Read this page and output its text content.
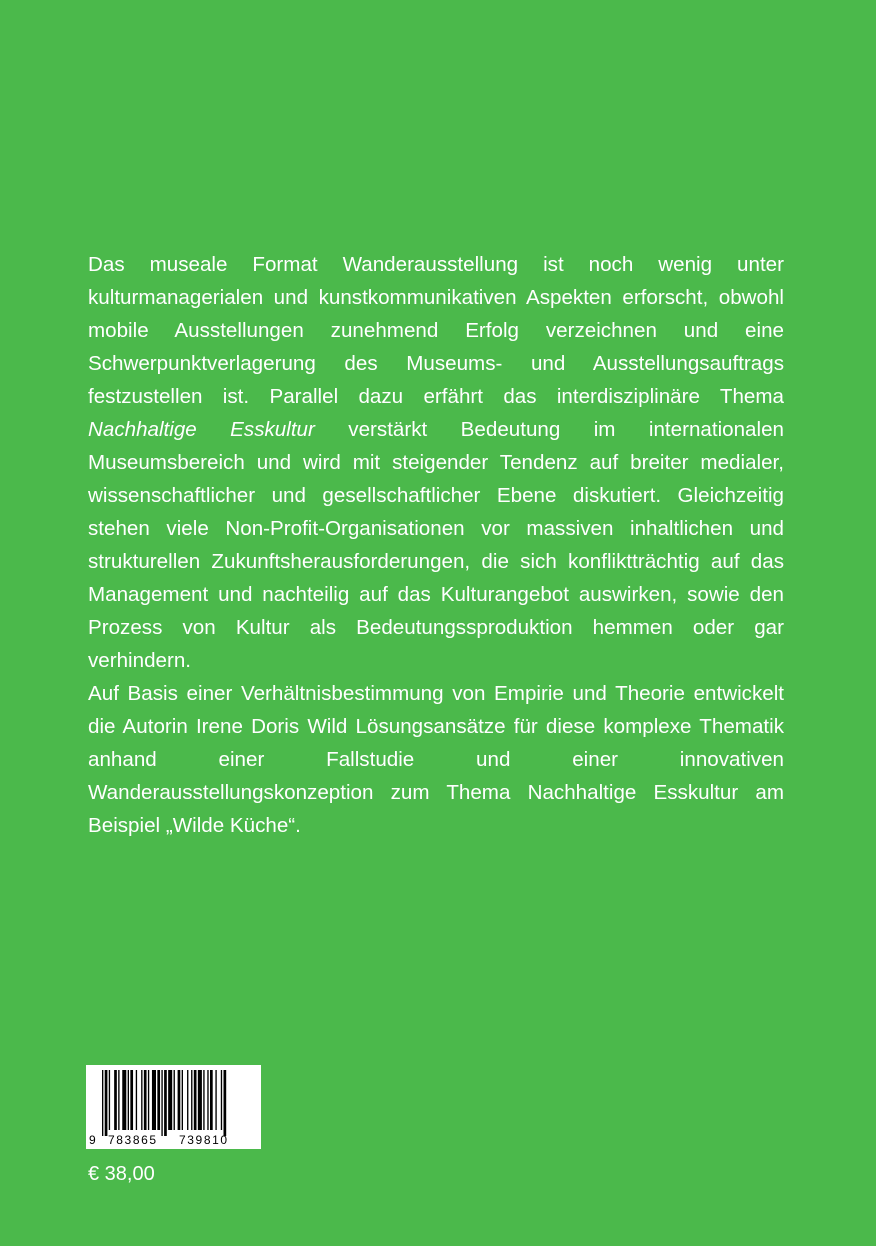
Das museale Format Wanderausstellung ist noch wenig unter kulturmanagerialen und kunstkommunikativen Aspekten erforscht, obwohl mobile Ausstellungen zunehmend Erfolg verzeichnen und eine Schwerpunktverlagerung des Museums- und Ausstellungsauftrags festzustellen ist. Parallel dazu erfährt das interdisziplinäre Thema Nachhaltige Esskultur verstärkt Bedeutung im internationalen Museumsbereich und wird mit steigender Tendenz auf breiter medialer, wissenschaftlicher und gesellschaftlicher Ebene diskutiert. Gleichzeitig stehen viele Non-Profit-Organisationen vor massiven inhaltlichen und strukturellen Zukunftsherausforderungen, die sich konfliktträchtig auf das Management und nachteilig auf das Kulturangebot auswirken, sowie den Prozess von Kultur als Bedeutungssproduktion hemmen oder gar verhindern.

Auf Basis einer Verhältnisbestimmung von Empirie und Theorie entwickelt die Autorin Irene Doris Wild Lösungsansätze für diese komplexe Thematik anhand einer Fallstudie und einer innovativen Wanderausstellungskonzeption zum Thema Nachhaltige Esskultur am Beispiel „Wilde Küche“.

9 783865 739810
€ 38,00
